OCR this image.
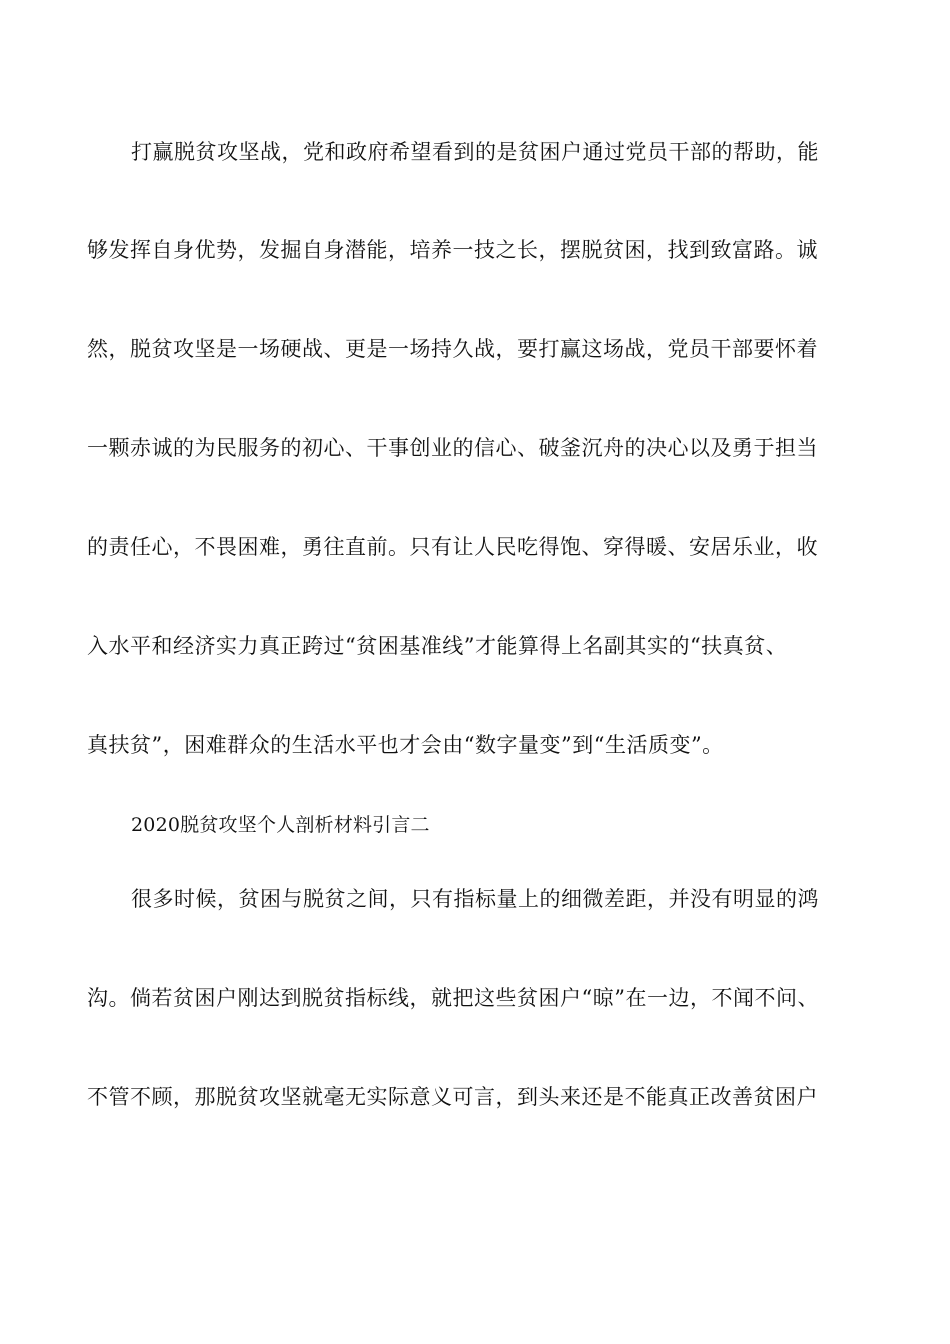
打赢脱贫攻坚战，党和政府希望看到的是贫困户通过党员干部的帮助，能
够发挥自身优势，发掘自身潜能，培养一技之长，摆脱贫困，找到致富路。诚
然，脱贫攻坚是一场硬战、更是一场持久战，要打赢这场战，党员干部要怀着
一颗赤诚的为民服务的初心、干事创业的信心、破釜沉舟的决心以及勇于担当
的责任心，不畏困难，勇往直前。只有让人民吃得饱、穿得暖、安居乐业，收
入水平和经济实力真正跨过“贫困基准线”才能算得上名副其实的“扶真贫、
真扶贫”，困难群众的生活水平也才会由“数字量变”到“生活质变”。
2020脱贫攻坚个人剖析材料引言二
很多时候，贫困与脱贫之间，只有指标量上的细微差距，并没有明显的鸿
沟。倘若贫困户刚达到脱贫指标线，就把这些贫困户“晾”在一边，不闻不问、
不管不顾，那脱贫攻坚就毫无实际意义可言，到头来还是不能真正改善贫困户
